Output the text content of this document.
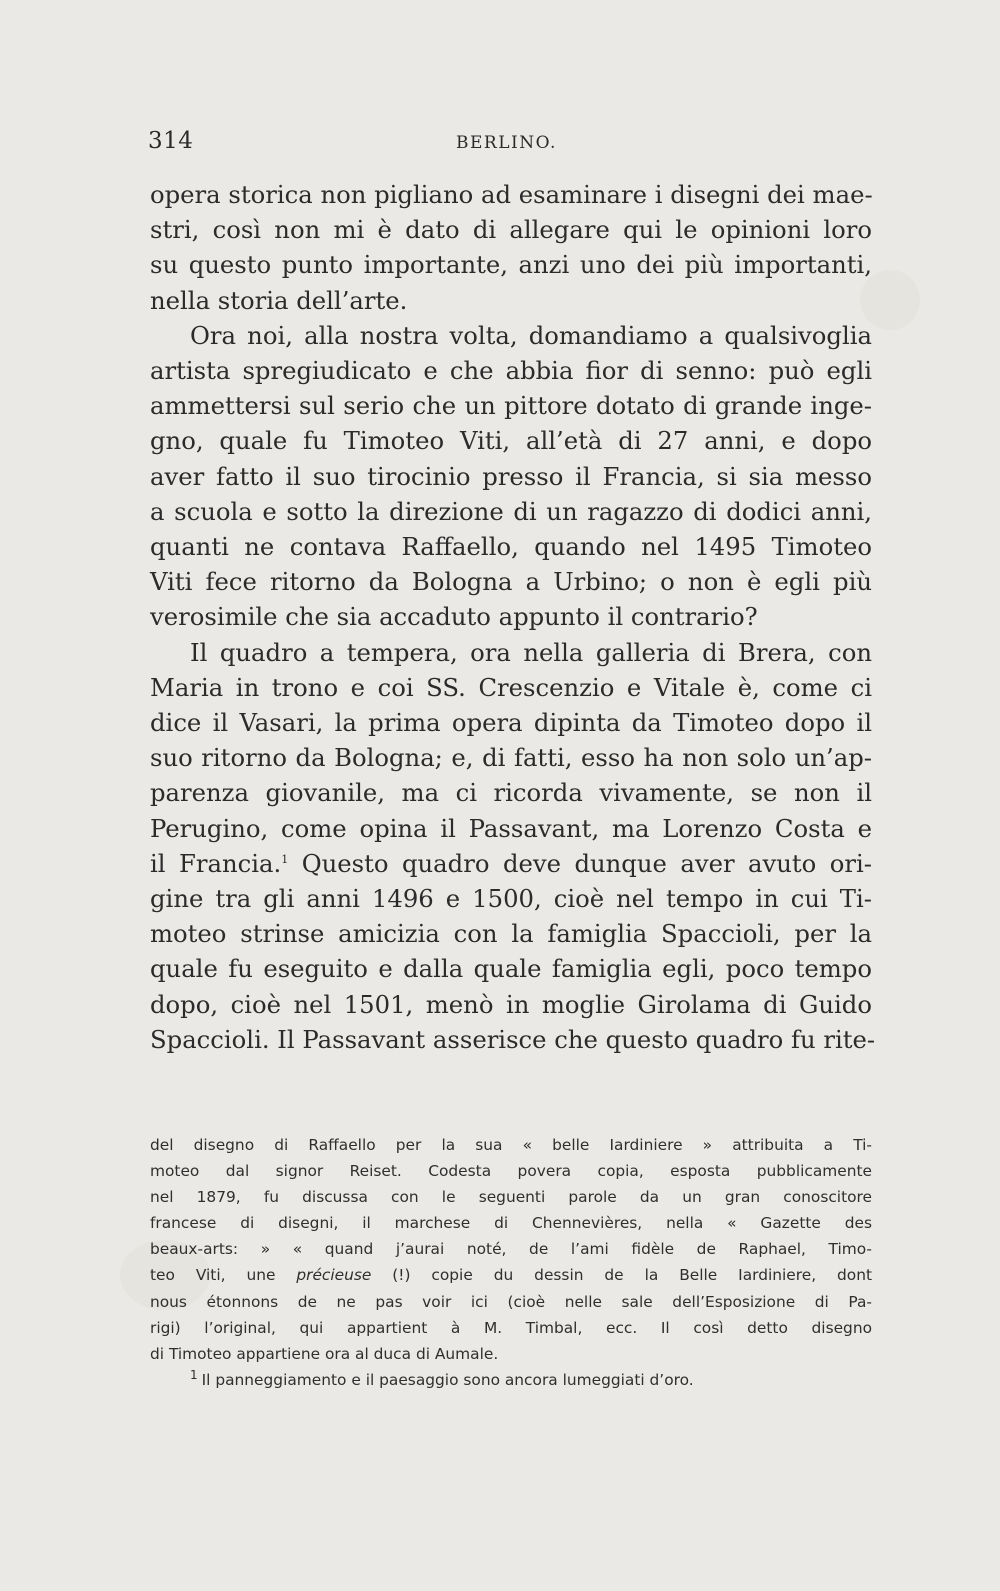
314	BERLINO.
opera storica non pigliano ad esaminare i disegni dei mae-
stri, così non mi è dato di allegare qui le opinioni loro
su questo punto importante, anzi uno dei più importanti,
nella storia dell’arte.
Ora noi, alla nostra volta, domandiamo a qualsivoglia
artista spregiudicato e che abbia fior di senno: può egli
ammettersi sul serio che un pittore dotato di grande inge-
gno, quale fu Timoteo Viti, all’età di 27 anni, e dopo
aver fatto il suo tirocinio presso il Francia, si sia messo
a scuola e sotto la direzione di un ragazzo di dodici anni,
quanti ne contava Raffaello, quando nel 1495 Timoteo
Viti fece ritorno da Bologna a Urbino; o non è egli più
verosimile che sia accaduto appunto il contrario?
Il quadro a tempera, ora nella galleria di Brera, con
Maria in trono e coi SS. Crescenzio e Vitale è, come ci
dice il Vasari, la prima opera dipinta da Timoteo dopo il
suo ritorno da Bologna; e, di fatti, esso ha non solo un’ap-
parenza giovanile, ma ci ricorda vivamente, se non il
Perugino, come opina il Passavant, ma Lorenzo Costa e
il Francia.$^1$ Questo quadro deve dunque aver avuto ori-
gine tra gli anni 1496 e 1500, cioè nel tempo in cui Ti-
moteo strinse amicizia con la famiglia Spaccioli, per la
quale fu eseguito e dalla quale famiglia egli, poco tempo
dopo, cioè nel 1501, menò in moglie Girolama di Guido
Spaccioli. Il Passavant asserisce che questo quadro fu rite-
del disegno di Raffaello per la sua « belle Iardiniere » attribuita a Ti-
moteo dal signor Reiset. Codesta povera copia, esposta pubblicamente
nel 1879, fu discussa con le seguenti parole da un gran conoscitore
francese di disegni, il marchese di Chennevières, nella « Gazette des
beaux-arts: » « quand j’aurai noté, de l’ami fidèle de Raphael, Timo-
teo Viti, une précieuse (!) copie du dessin de la Belle Iardiniere, dont
nous étonnons de ne pas voir ici (cioè nelle sale dell’Esposizione di Pa-
rigi) l’original, qui appartient à M. Timbal, ecc. Il così detto disegno
di Timoteo appartiene ora al duca di Aumale.
$^1$ Il panneggiamento e il paesaggio sono ancora lumeggiati d’oro.
